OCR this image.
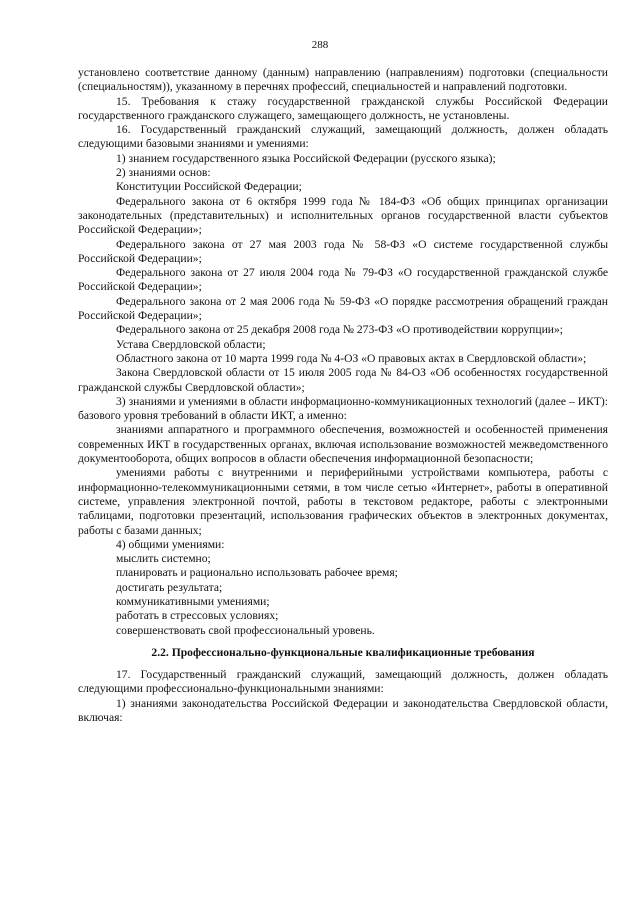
288

установлено соответствие данному (данным) направлению (направлениям) подготовки (специальности (специальностям)), указанному в перечнях профессий, специальностей и направлений подготовки.

15. Требования к стажу государственной гражданской службы Российской Федерации государственного гражданского служащего, замещающего должность, не установлены.

16. Государственный гражданский служащий, замещающий должность, должен обладать следующими базовыми знаниями и умениями:

1) знанием государственного языка Российской Федерации (русского языка);

2) знаниями основ:

Конституции Российской Федерации;

Федерального закона от 6 октября 1999 года № 184-ФЗ «Об общих принципах организации законодательных (представительных) и исполнительных органов государственной власти субъектов Российской Федерации»;

Федерального закона от 27 мая 2003 года № 58-ФЗ «О системе государственной службы Российской Федерации»;

Федерального закона от 27 июля 2004 года № 79-ФЗ «О государственной гражданской службе Российской Федерации»;

Федерального закона от 2 мая 2006 года № 59-ФЗ «О порядке рассмотрения обращений граждан Российской Федерации»;

Федерального закона от 25 декабря 2008 года № 273-ФЗ «О противодействии коррупции»;

Устава Свердловской области;

Областного закона от 10 марта 1999 года № 4-ОЗ «О правовых актах в Свердловской области»;

Закона Свердловской области от 15 июля 2005 года № 84-ОЗ «Об особенностях государственной гражданской службы Свердловской области»;

3) знаниями и умениями в области информационно-коммуникационных технологий (далее – ИКТ): базового уровня требований в области ИКТ, а именно:

знаниями аппаратного и программного обеспечения, возможностей и особенностей применения современных ИКТ в государственных органах, включая использование возможностей межведомственного документооборота, общих вопросов в области обеспечения информационной безопасности;

умениями работы с внутренними и периферийными устройствами компьютера, работы с информационно-телекоммуникационными сетями, в том числе сетью «Интернет», работы в оперативной системе, управления электронной почтой, работы в текстовом редакторе, работы с электронными таблицами, подготовки презентаций, использования графических объектов в электронных документах, работы с базами данных;

4) общими умениями:

мыслить системно;

планировать и рационально использовать рабочее время;

достигать результата;

коммуникативными умениями;

работать в стрессовых условиях;

совершенствовать свой профессиональный уровень.

2.2. Профессионально-функциональные квалификационные требования

17. Государственный гражданский служащий, замещающий должность, должен обладать следующими профессионально-функциональными знаниями:

1) знаниями законодательства Российской Федерации и законодательства Свердловской области, включая:
